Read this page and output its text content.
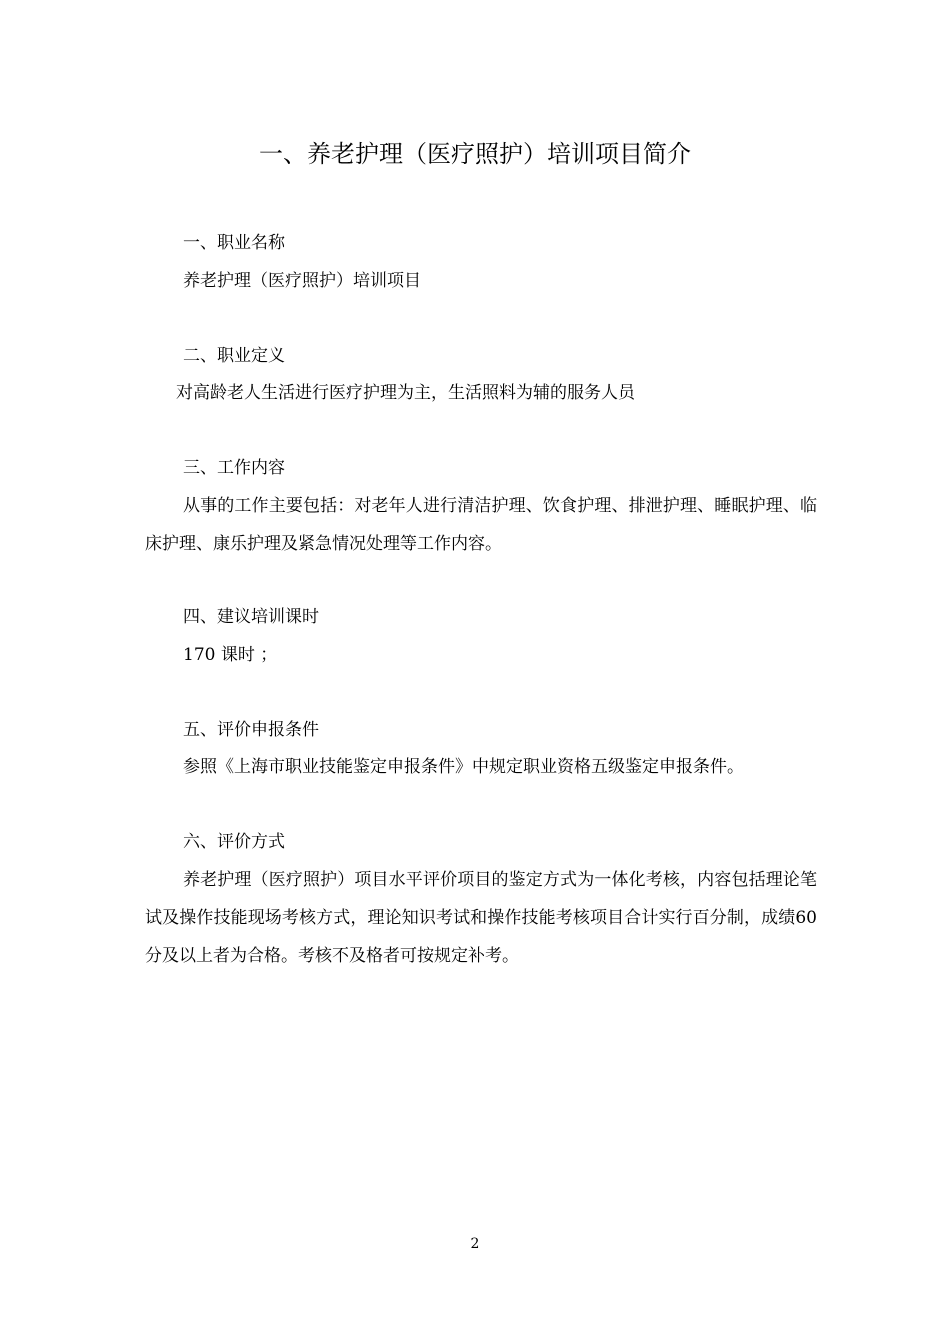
一、养老护理（医疗照护）培训项目简介
一、职业名称
养老护理（医疗照护）培训项目
二、职业定义
对高龄老人生活进行医疗护理为主，生活照料为辅的服务人员
三、工作内容
从事的工作主要包括：对老年人进行清洁护理、饮食护理、排泄护理、睡眠护理、临床护理、康乐护理及紧急情况处理等工作内容。
四、建议培训课时
170 课时 ；
五、评价申报条件
参照《上海市职业技能鉴定申报条件》中规定职业资格五级鉴定申报条件。
六、评价方式
养老护理（医疗照护）项目水平评价项目的鉴定方式为一体化考核，内容包括理论笔试及操作技能现场考核方式，理论知识考试和操作技能考核项目合计实行百分制，成绩60分及以上者为合格。考核不及格者可按规定补考。
2
